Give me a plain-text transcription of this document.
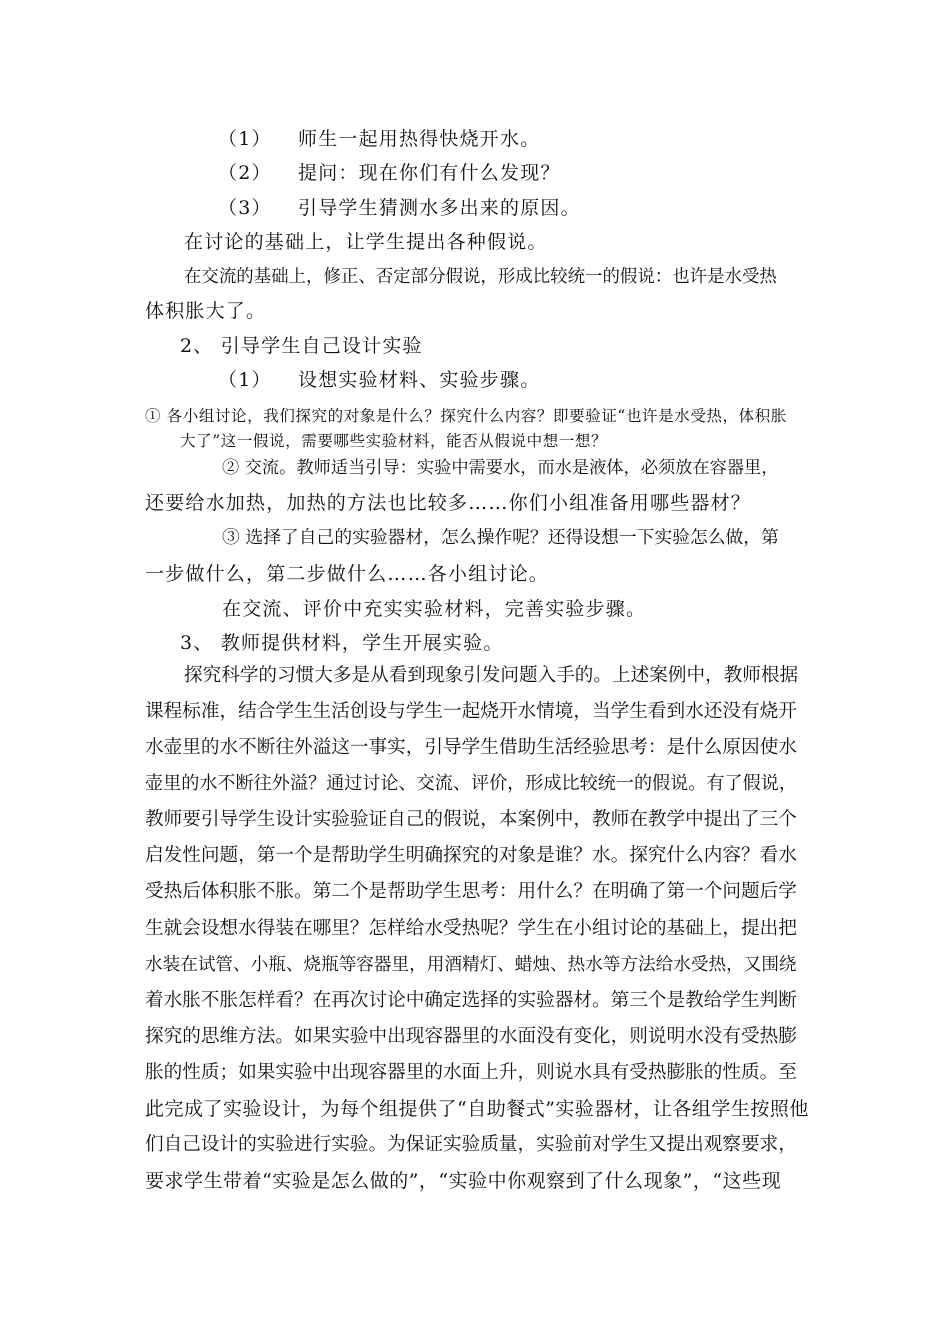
（1） 师生一起用热得快烧开水。
（2） 提问：现在你们有什么发现？
（3） 引导学生猜测水多出来的原因。
在讨论的基础上，让学生提出各种假说。
在交流的基础上，修正、否定部分假说，形成比较统一的假说：也许是水受热
体积胀大了。
2、 引导学生自己设计实验
（1） 设想实验材料、实验步骤。
① 各小组讨论，我们探究的对象是什么？探究什么内容？即要验证“也许是水受热，体积胀
大了”这一假说，需要哪些实验材料，能否从假说中想一想？
② 交流。教师适当引导：实验中需要水，而水是液体，必须放在容器里，
还要给水加热，加热的方法也比较多……你们小组准备用哪些器材？
③ 选择了自己的实验器材，怎么操作呢？还得设想一下实验怎么做，第
一步做什么，第二步做什么……各小组讨论。
在交流、评价中充实实验材料，完善实验步骤。
3、 教师提供材料，学生开展实验。
探究科学的习惯大多是从看到现象引发问题入手的。上述案例中，教师根据
课程标准，结合学生生活创设与学生一起烧开水情境，当学生看到水还没有烧开
水壶里的水不断往外溢这一事实，引导学生借助生活经验思考：是什么原因使水
壶里的水不断往外溢？通过讨论、交流、评价，形成比较统一的假说。有了假说，
教师要引导学生设计实验验证自己的假说，本案例中，教师在教学中提出了三个
启发性问题，第一个是帮助学生明确探究的对象是谁？水。探究什么内容？看水
受热后体积胀不胀。第二个是帮助学生思考：用什么？在明确了第一个问题后学
生就会设想水得装在哪里？怎样给水受热呢？学生在小组讨论的基础上，提出把
水装在试管、小瓶、烧瓶等容器里，用酒精灯、蜡烛、热水等方法给水受热，又围绕
着水胀不胀怎样看？在再次讨论中确定选择的实验器材。第三个是教给学生判断
探究的思维方法。如果实验中出现容器里的水面没有变化，则说明水没有受热膨
胀的性质；如果实验中出现容器里的水面上升，则说水具有受热膨胀的性质。至
此完成了实验设计，为每个组提供了“自助餐式”实验器材，让各组学生按照他
们自己设计的实验进行实验。为保证实验质量，实验前对学生又提出观察要求，
要求学生带着“实验是怎么做的”，“实验中你观察到了什么现象”，“这些现
